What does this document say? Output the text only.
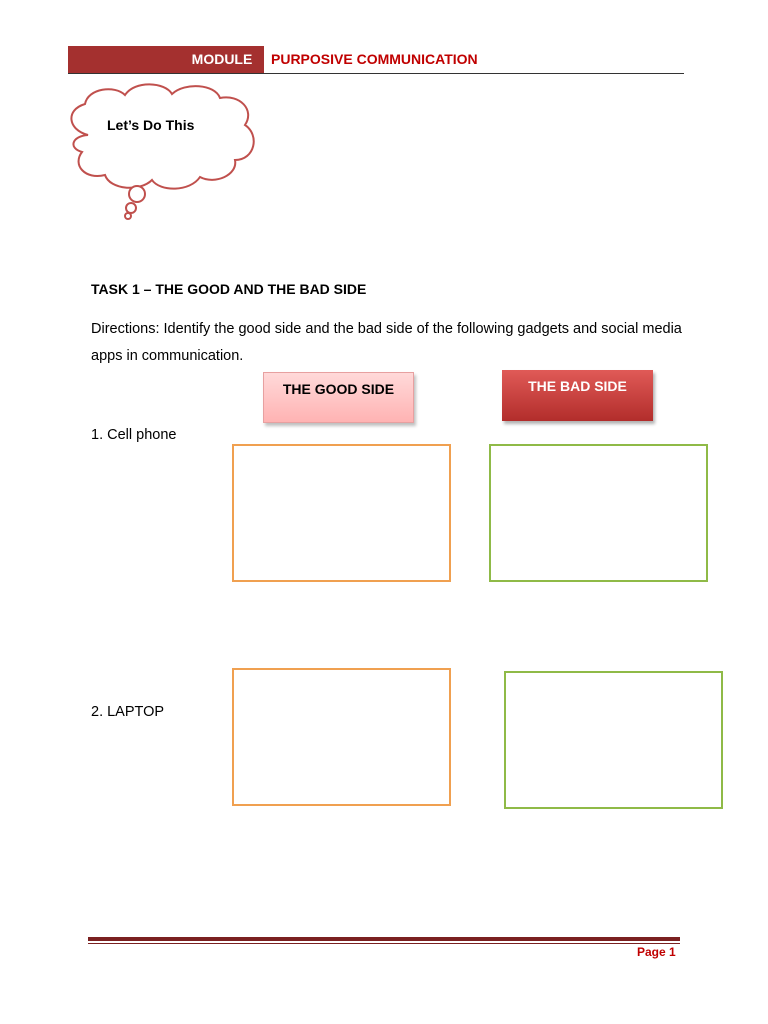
MODULE	PURPOSIVE COMMUNICATION
Let’s Do This
TASK 1 – THE GOOD AND THE BAD SIDE
Directions: Identify the good side and the bad side of the following gadgets and social media apps in communication.
THE GOOD SIDE	THE BAD SIDE
1. Cell phone
2. LAPTOP
Page 1
